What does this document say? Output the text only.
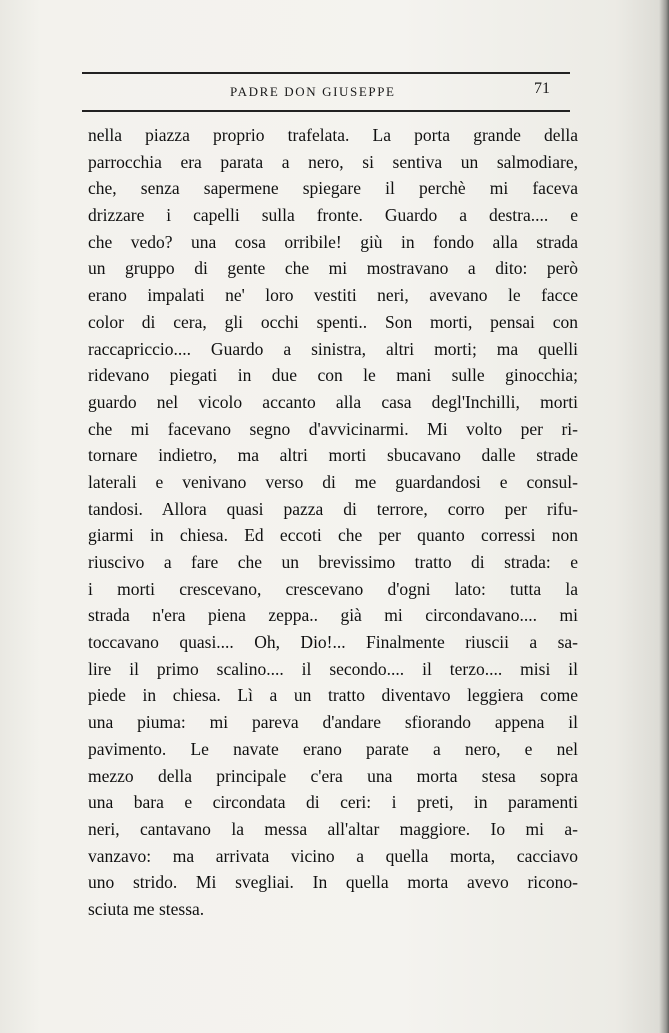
PADRE DON GIUSEPPE	71
nella piazza proprio trafelata. La porta grande della
parrocchia era parata a nero, si sentiva un salmodiare,
che, senza sapermene spiegare il perchè mi faceva
drizzare i capelli sulla fronte. Guardo a destra.... e
che vedo? una cosa orribile! giù in fondo alla strada
un gruppo di gente che mi mostravano a dito: però
erano impalati ne' loro vestiti neri, avevano le facce
color di cera, gli occhi spenti.. Son morti, pensai con
raccapriccio.... Guardo a sinistra, altri morti; ma quelli
ridevano piegati in due con le mani sulle ginocchia;
guardo nel vicolo accanto alla casa degl'Inchilli, morti
che mi facevano segno d'avvicinarmi. Mi volto per ri-
tornare indietro, ma altri morti sbucavano dalle strade
laterali e venivano verso di me guardandosi e consul-
tandosi. Allora quasi pazza di terrore, corro per rifu-
giarmi in chiesa. Ed eccoti che per quanto corressi non
riuscivo a fare che un brevissimo tratto di strada: e
i morti crescevano, crescevano d'ogni lato: tutta la
strada n'era piena zeppa.. già mi circondavano.... mi
toccavano quasi.... Oh, Dio!... Finalmente riuscii a sa-
lire il primo scalino.... il secondo.... il terzo.... misi il
piede in chiesa. Lì a un tratto diventavo leggiera come
una piuma: mi pareva d'andare sfiorando appena il
pavimento. Le navate erano parate a nero, e nel
mezzo della principale c'era una morta stesa sopra
una bara e circondata di ceri: i preti, in paramenti
neri, cantavano la messa all'altar maggiore. Io mi a-
vanzavo: ma arrivata vicino a quella morta, cacciavo
uno strido. Mi svegliai. In quella morta avevo ricono-
sciuta me stessa.
